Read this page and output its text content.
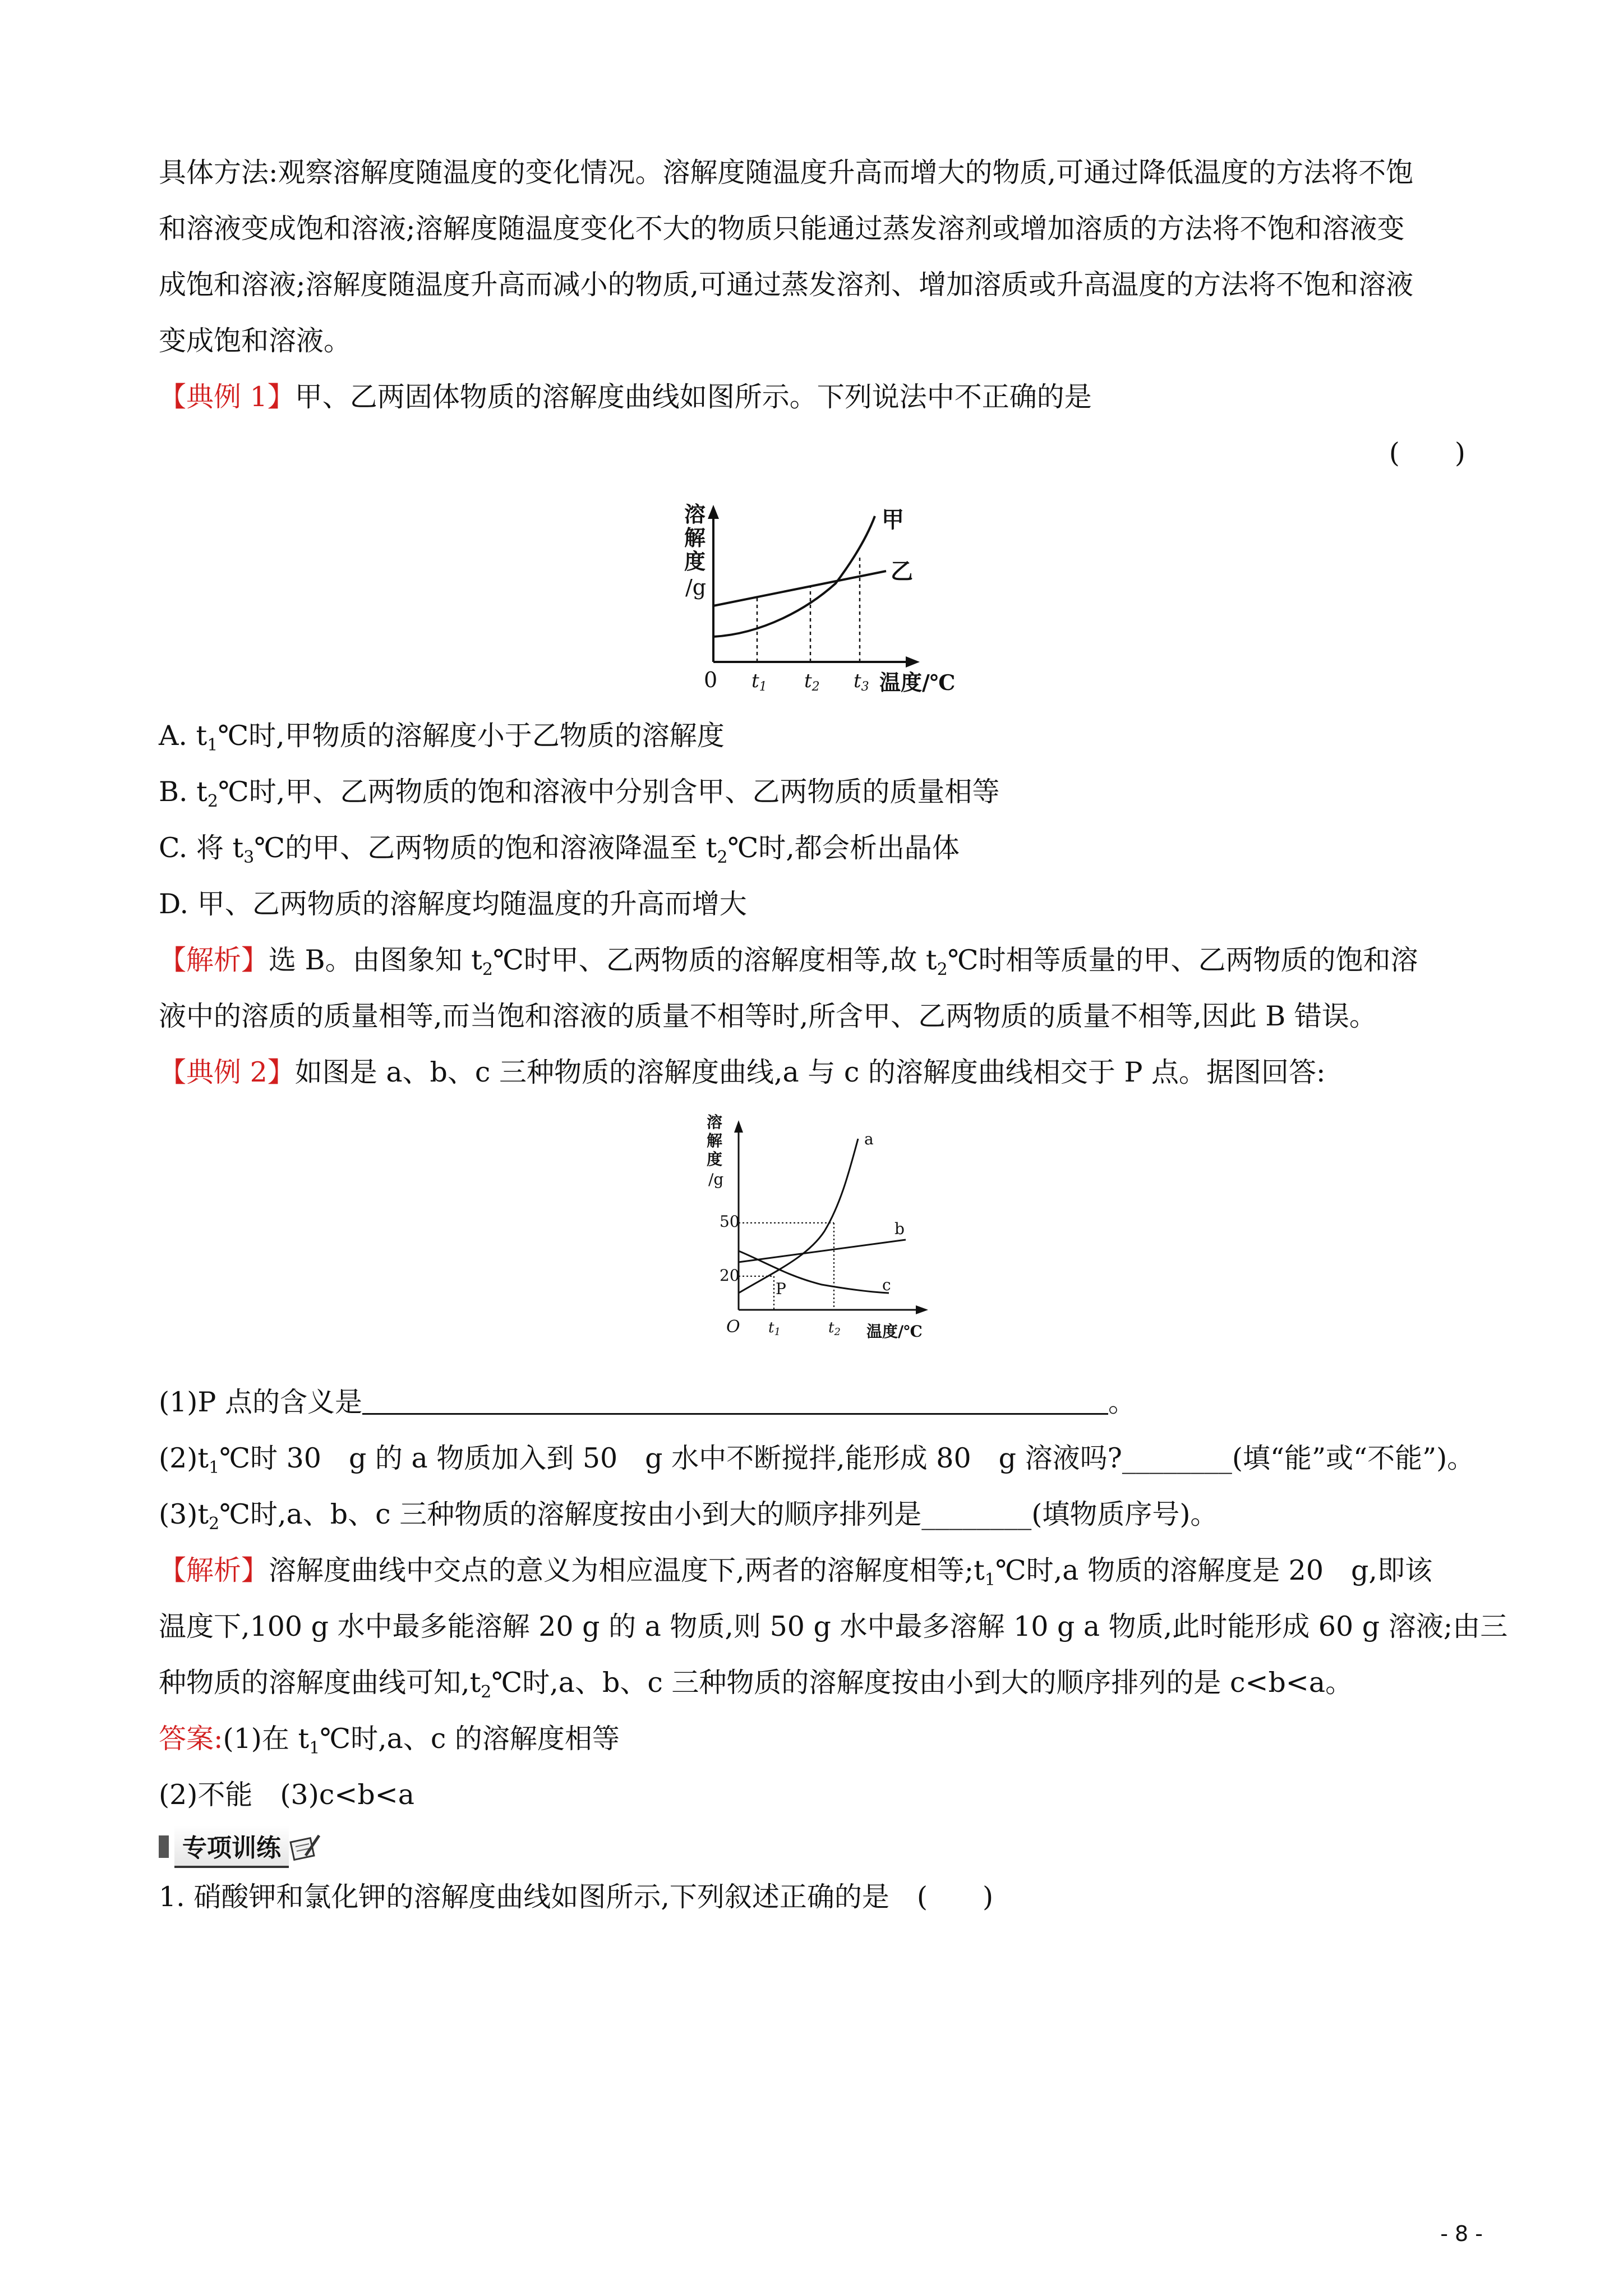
具体方法:观察溶解度随温度的变化情况。溶解度随温度升高而增大的物质,可通过降低温度的方法将不饱
和溶液变成饱和溶液;溶解度随温度变化不大的物质只能通过蒸发溶剂或增加溶质的方法将不饱和溶液变
成饱和溶液;溶解度随温度升高而减小的物质,可通过蒸发溶剂、增加溶质或升高温度的方法将不饱和溶液
变成饱和溶液。
【典例 1】甲、乙两固体物质的溶解度曲线如图所示。下列说法中不正确的是
(　　)
溶
解
度
/g
0 t1 t2 t3 温度/℃
甲
乙
A. $t_1℃$时,甲物质的溶解度小于乙物质的溶解度
B. $t_2℃$时,甲、乙两物质的饱和溶液中分别含甲、乙两物质的质量相等
C. 将 $t_3℃$的甲、乙两物质的饱和溶液降温至 $t_2℃$时,都会析出晶体
D. 甲、乙两物质的溶解度均随温度的升高而增大
【解析】选 B。由图象知 $t_2℃$时甲、乙两物质的溶解度相等,故 $t_2℃$时相等质量的甲、乙两物质的饱和溶
液中的溶质的质量相等,而当饱和溶液的质量不相等时,所含甲、乙两物质的质量不相等,因此 B 错误。
【典例 2】如图是 a、b、c 三种物质的溶解度曲线,a 与 c 的溶解度曲线相交于 P 点。据图回答:
溶
解
度
/g
50
20
P
O t1	t2 温度/℃
a
b
c
(1)P 点的含义是	。
$(2)t_1℃$时 30　g 的 a 物质加入到 50　g 水中不断搅拌,能形成 80　g 溶液吗?________(填“能”或“不能”)。
$(3)t_2℃$时,a、b、c 三种物质的溶解度按由小到大的顺序排列是________(填物质序号)。
【解析】溶解度曲线中交点的意义为相应温度下,两者的溶解度相等$;t_1℃$时,a 物质的溶解度是 20　g,即该
温度下,100 g 水中最多能溶解 20 g 的 a 物质,则 50 g 水中最多溶解 10 g a 物质,此时能形成 60 g 溶液;由三
种物质的溶解度曲线可知$,t_2℃$时,a、b、c 三种物质的溶解度按由小到大的顺序排列的是 c<b<a。
答案:(1)在 $t_1℃$时,a、c 的溶解度相等
(2)不能　(3)c<b<a
专项训练
1. 硝酸钾和氯化钾的溶解度曲线如图所示,下列叙述正确的是　 (　　)
- 8 -
